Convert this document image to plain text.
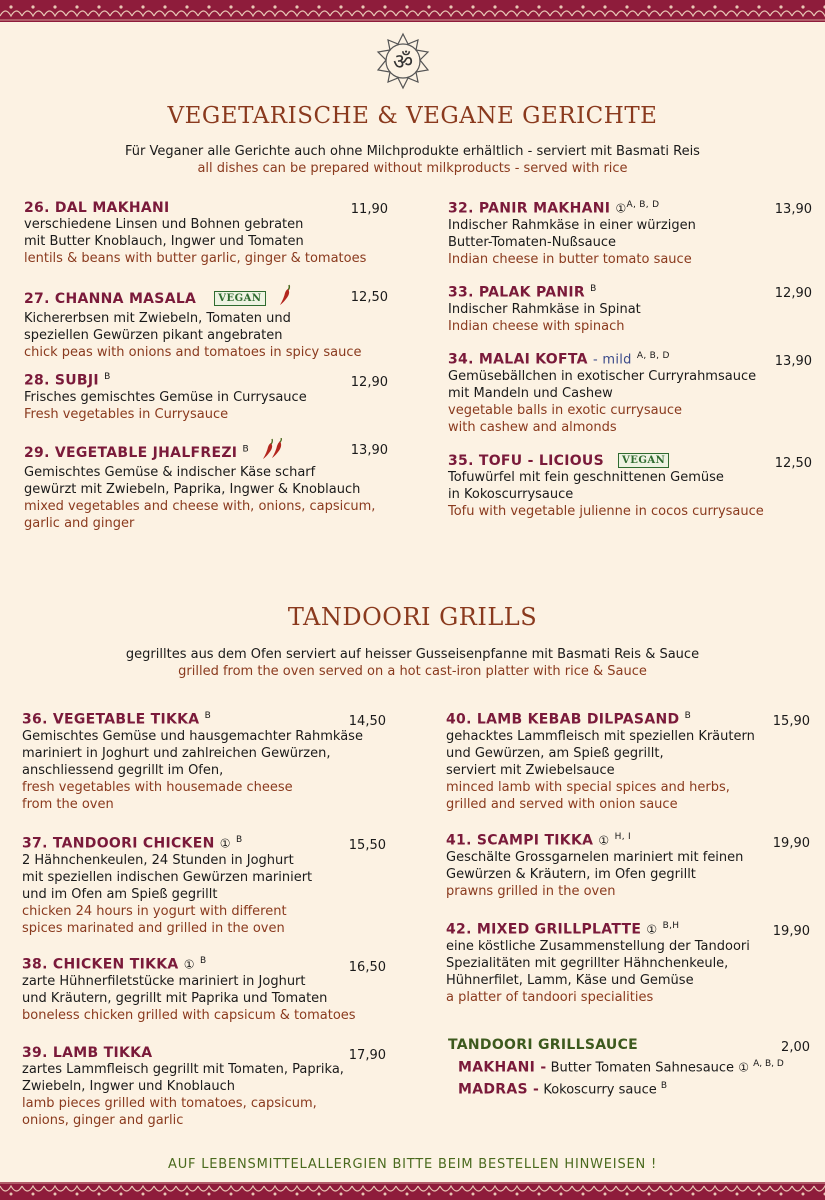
ॐ
VEGETARISCHE & VEGANE GERICHTE
Für Veganer alle Gerichte auch ohne Milchprodukte erhältlich - serviert mit Basmati Reis
all dishes can be prepared without milkproducts - served with rice
26. DAL MAKHANI
verschiedene Linsen und Bohnen gebraten
mit Butter Knoblauch, Ingwer und Tomaten
lentils & beans with butter garlic, ginger & tomatoes
11,90
27. CHANNA MASALA VEGAN
Kichererbsen mit Zwiebeln, Tomaten und
speziellen Gewürzen pikant angebraten
chick peas with onions and tomatoes in spicy sauce
12,50
28. SUBJI $^B$
Frisches gemischtes Gemüse in Currysauce
Fresh vegetables in Currysauce
12,90
29. VEGETABLE JHALFREZI $^B$
Gemischtes Gemüse & indischer Käse scharf
gewürzt mit Zwiebeln, Paprika, Ingwer & Knoblauch
mixed vegetables and cheese with, onions, capsicum,
garlic and ginger
13,90
32. PANIR MAKHANI ①$^{A, B, D}$
Indischer Rahmkäse in einer würzigen
Butter-Tomaten-Nußsauce
Indian cheese in butter tomato sauce
13,90
33. PALAK PANIR $^B$
Indischer Rahmkäse in Spinat
Indian cheese with spinach
12,90
34. MALAI KOFTA - mild $^{A, B, D}$
Gemüsebällchen in exotischer Curryrahmsauce
mit Mandeln und Cashew
vegetable balls in exotic currysauce
with cashew and almonds
13,90
35. TOFU - LICIOUS VEGAN
Tofuwürfel mit fein geschnittenen Gemüse
in Kokoscurrysauce
Tofu with vegetable julienne in cocos currysauce
12,50
TANDOORI GRILLS
gegrilltes aus dem Ofen serviert auf heisser Gusseisenpfanne mit Basmati Reis & Sauce
grilled from the oven served on a hot cast-iron platter with rice & Sauce
36. VEGETABLE TIKKA $^B$
Gemischtes Gemüse und hausgemachter Rahmkäse
mariniert in Joghurt und zahlreichen Gewürzen,
anschliessend gegrillt im Ofen,
fresh vegetables with housemade cheese
from the oven
14,50
37. TANDOORI CHICKEN ① $^B$
2 Hähnchenkeulen, 24 Stunden in Joghurt
mit speziellen indischen Gewürzen mariniert
und im Ofen am Spieß gegrillt
chicken 24 hours in yogurt with different
spices marinated and grilled in the oven
15,50
38. CHICKEN TIKKA ① $^B$
zarte Hühnerfiletstücke mariniert in Joghurt
und Kräutern, gegrillt mit Paprika und Tomaten
boneless chicken grilled with capsicum & tomatoes
16,50
39. LAMB TIKKA
zartes Lammfleisch gegrillt mit Tomaten, Paprika,
Zwiebeln, Ingwer und Knoblauch
lamb pieces grilled with tomatoes, capsicum,
onions, ginger and garlic
17,90
40. LAMB KEBAB DILPASAND $^B$
gehacktes Lammfleisch mit speziellen Kräutern
und Gewürzen, am Spieß gegrillt,
serviert mit Zwiebelsauce
minced lamb with special spices and herbs,
grilled and served with onion sauce
15,90
41. SCAMPI TIKKA ① $^{H, I}$
Geschälte Grossgarnelen mariniert mit feinen
Gewürzen & Kräutern, im Ofen gegrillt
prawns grilled in the oven
19,90
42. MIXED GRILLPLATTE ① $^{B,H}$
eine köstliche Zusammenstellung der Tandoori
Spezialitäten mit gegrillter Hähnchenkeule,
Hühnerfilet, Lamm, Käse und Gemüse
a platter of tandoori specialities
19,90
TANDOORI GRILLSAUCE
MAKHANI - Butter Tomaten Sahnesauce ① $^{A, B, D}$
MADRAS - Kokoscurry sauce $^B$
2,00
AUF LEBENSMITTELALLERGIEN BITTE BEIM BESTELLEN HINWEISEN !
